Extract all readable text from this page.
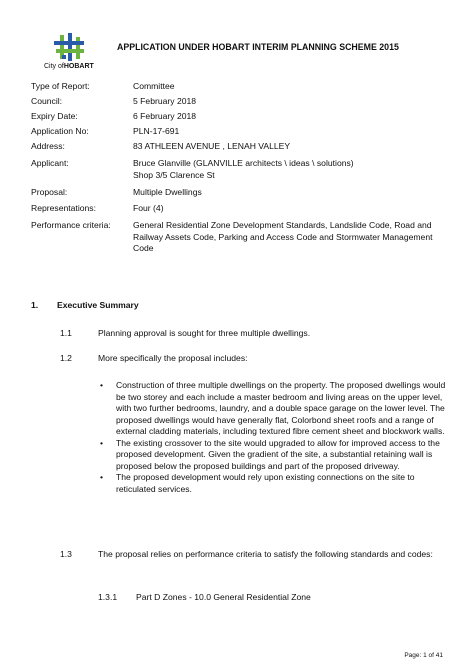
City ofHOBART
APPLICATION UNDER HOBART INTERIM PLANNING SCHEME 2015
Type of Report:	Committee
Council:	5 February 2018
Expiry Date:	6 February 2018
Application No:	PLN-17-691
Address:	83 ATHLEEN AVENUE , LENAH VALLEY
Applicant:	Bruce Glanville (GLANVILLE architects \ ideas \ solutions)
Shop 3/5 Clarence St
Proposal:	Multiple Dwellings
Representations:	Four (4)
Performance criteria:	General Residential Zone Development Standards, Landslide Code, Road and Railway Assets Code, Parking and Access Code and Stormwater Management Code
1. Executive Summary
1.1	Planning approval is sought for three multiple dwellings.
1.2	More specifically the proposal includes:

• Construction of three multiple dwellings on the property. The proposed dwellings would be two storey and each include a master bedroom and living areas on the upper level, with two further bedrooms, laundry, and a double space garage on the lower level. The proposed dwellings would have generally flat, Colorbond sheet roofs and a range of external cladding materials, including textured fibre cement sheet and blockwork walls.

• The existing crossover to the site would upgraded to allow for improved access to the proposed development. Given the gradient of the site, a substantial retaining wall is proposed below the proposed buildings and part of the proposed driveway.

• The proposed development would rely upon existing connections on the site to reticulated services.

1.3	The proposal relies on performance criteria to satisfy the following standards and codes:
1.3.1 Part D Zones - 10.0 General Residential Zone
Page: 1 of 41
